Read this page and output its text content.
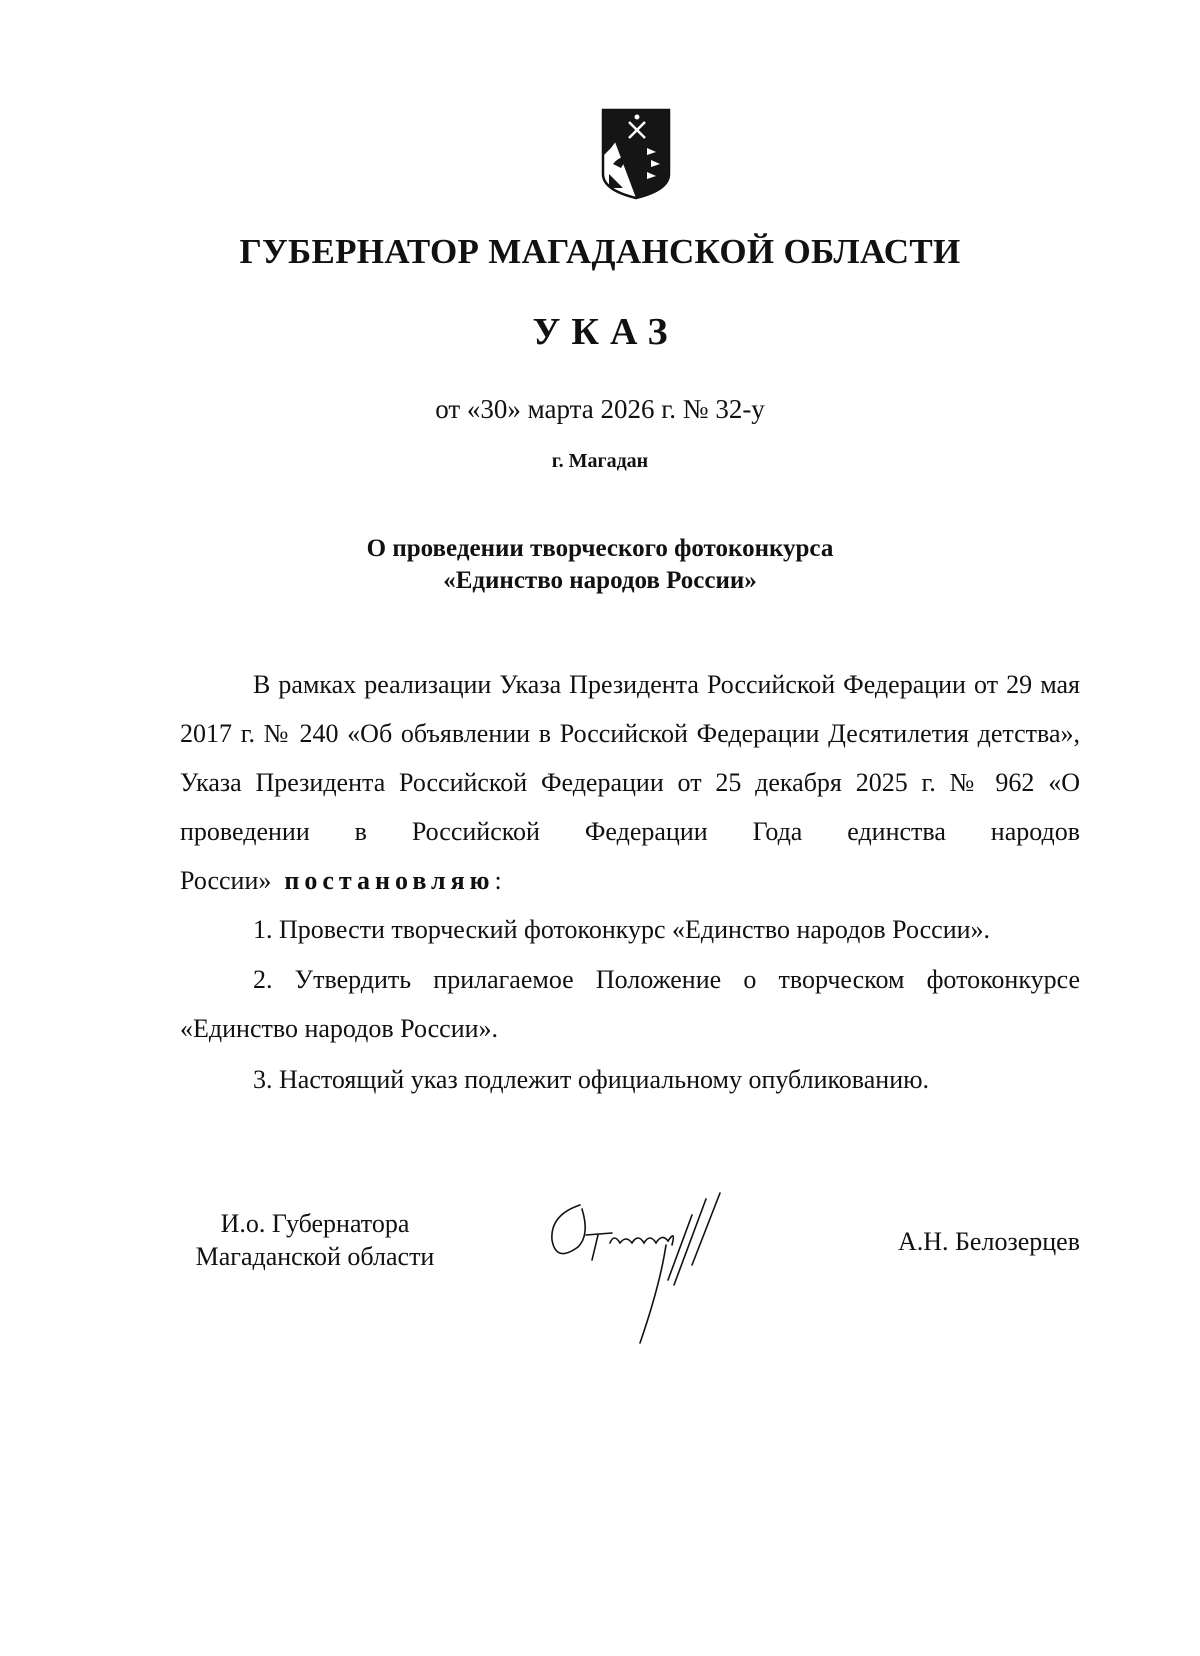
ГУБЕРНАТОР МАГАДАНСКОЙ ОБЛАСТИ
УКАЗ
от «30» марта 2026 г. № 32-у
г. Магадан
О проведении творческого фотоконкурса
«Единство народов России»
В рамках реализации Указа Президента Российской Федерации от 29 мая 2017 г. № 240 «Об объявлении в Российской Федерации Десятилетия детства», Указа Президента Российской Федерации от 25 декабря 2025 г. № 962 «О проведении в Российской Федерации Года единства народов России» постановляю:
1. Провести творческий фотоконкурс «Единство народов России».
2. Утвердить прилагаемое Положение о творческом фотоконкурсе «Единство народов России».
3. Настоящий указ подлежит официальному опубликованию.
И.о. Губернатора
Магаданской области
А.Н. Белозерцев
